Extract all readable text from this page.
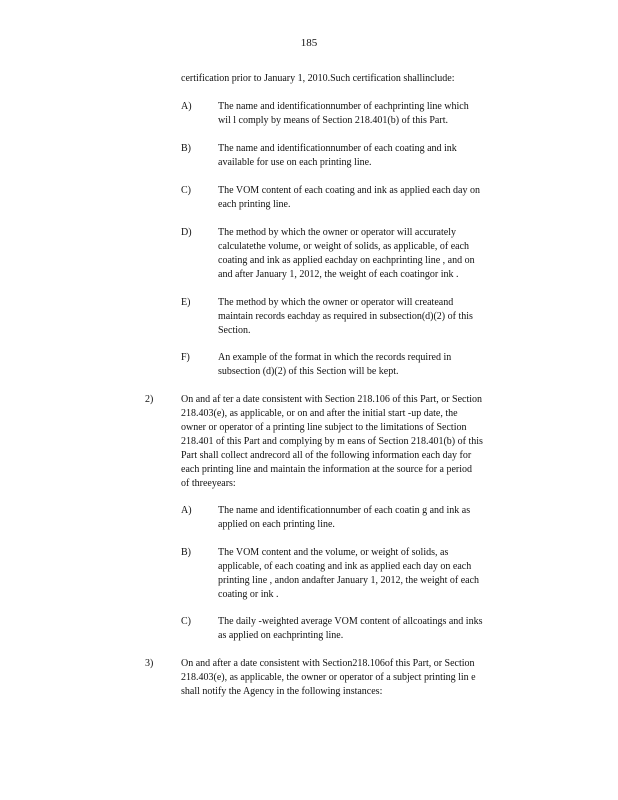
185
certification prior to January 1, 2010.Such certification shallinclude:
A)	The name and identificationnumber of eachprinting line which
wil l comply by means of Section 218.401(b) of this Part.
B)	The name and identificationnumber of each coating and ink
available for use on each printing line.
C)	The VOM content of each coating and ink as applied each day on
each printing line.
D)	The method by which the owner or operator will accurately
calculatethe volume, or weight of solids, as applicable, of each
coating and ink as applied eachday on eachprinting line , and on
and after January 1, 2012, the weight of each coatingor ink .
E)	The method by which the owner or operator will createand
maintain records eachday as required in subsection(d)(2) of this
Section.
F)	An example of the format in which the records required in
subsection (d)(2) of this Section will be kept.
2)	On and af ter a date consistent with Section 218.106 of this Part, or Section
218.403(e), as applicable, or on and after the initial start -up date, the
owner or operator of a printing line subject to the limitations of Section
218.401 of this Part and complying by m eans of Section 218.401(b) of this
Part shall collect andrecord all of the following information each day for
each printing line and maintain the information at the source for a period
of threeyears:
A)	The name and identificationnumber of each coatin g and ink as
applied on each printing line.
B)	The VOM content and the volume, or weight of solids, as
applicable, of each coating and ink as applied each day on each
printing line , andon andafter January 1, 2012, the weight of each
coating or ink .
C)	The daily -weighted average VOM content of allcoatings and inks
as applied on eachprinting line.
3)	On and after a date consistent with Section218.106of this Part, or Section
218.403(e), as applicable, the owner or operator of a subject printing lin e
shall notify the Agency in the following instances:
